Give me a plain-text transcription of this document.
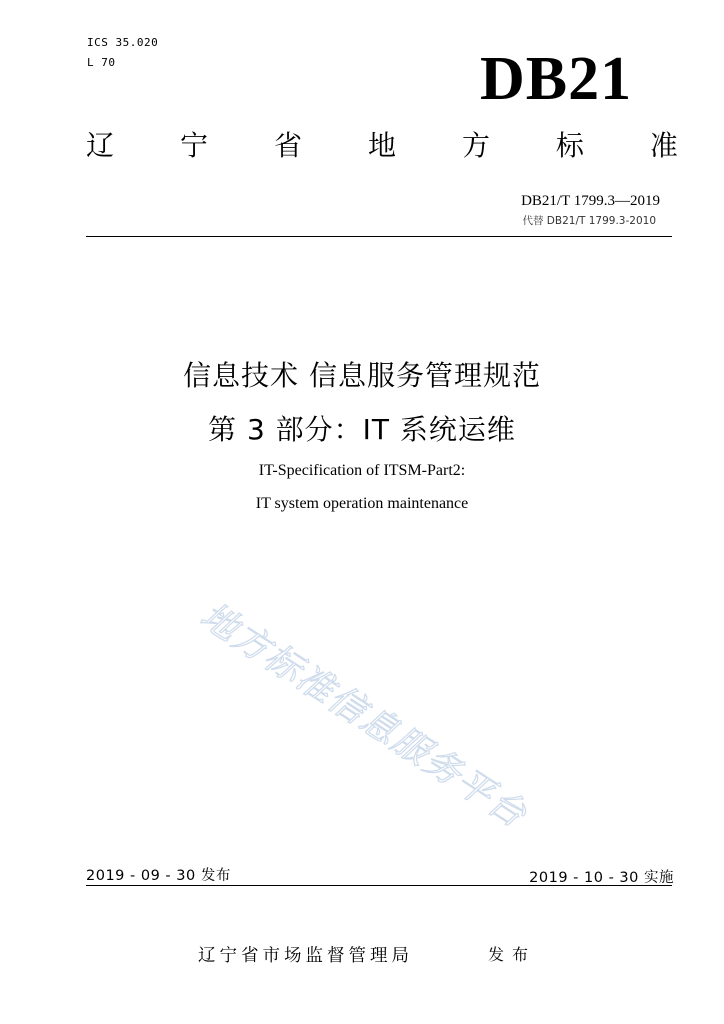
ICS 35.020
L 70	DB21
辽 宁 省 地 方 标 准
DB21/T 1799.3—2019
代替 DB21/T 1799.3-2010
信息技术 信息服务管理规范
第 3 部分：IT 系统运维
IT-Specification of ITSM-Part2:
IT system operation maintenance
地方标准信息服务平台
2019 - 09 - 30 发布	2019 - 10 - 30 实施
辽宁省市场监督管理局	发布
